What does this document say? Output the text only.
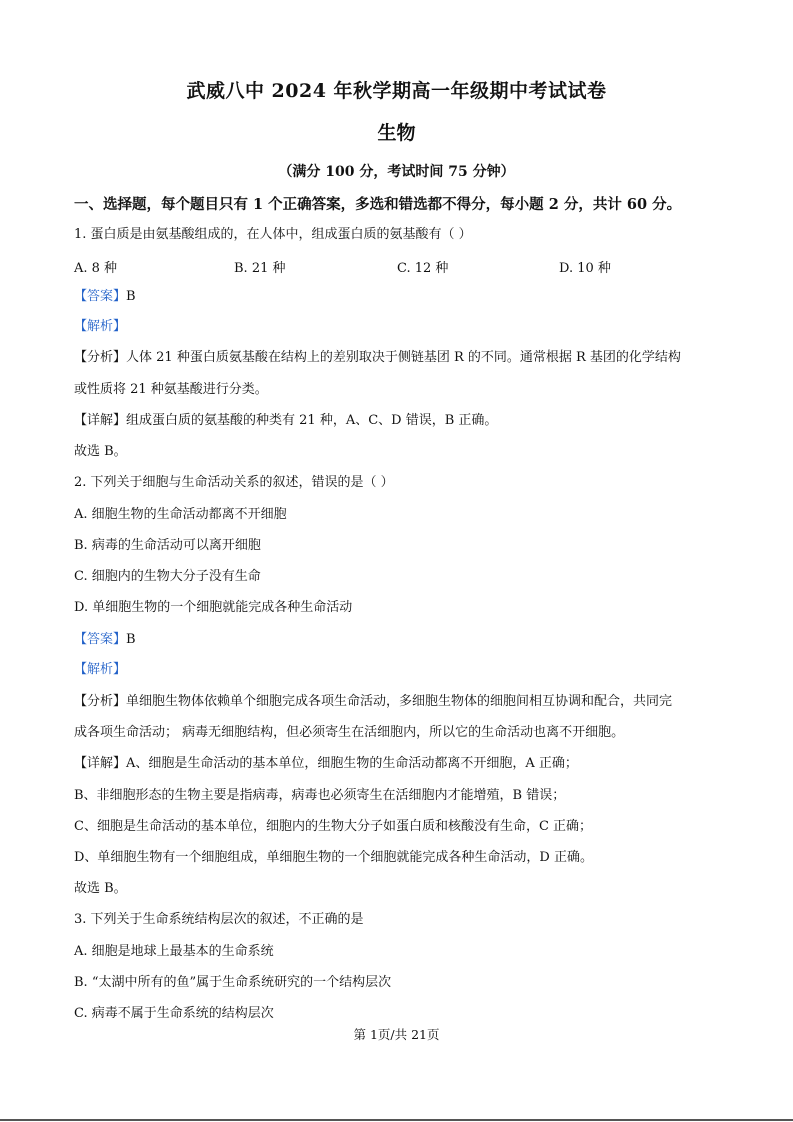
武威八中 2024 年秋学期高一年级期中考试试卷
生物
（满分 100 分，考试时间 75 分钟）
一、选择题，每个题目只有 1 个正确答案，多选和错选都不得分，每小题 2 分，共计 60 分。
1. 蛋白质是由氨基酸组成的，在人体中，组成蛋白质的氨基酸有（ ）
A. 8 种	B. 21 种	C. 12 种	D. 10 种
【答案】B
【解析】
【分析】人体 21 种蛋白质氨基酸在结构上的差别取决于侧链基团 R 的不同。通常根据 R 基团的化学结构
或性质将 21 种氨基酸进行分类。
【详解】组成蛋白质的氨基酸的种类有 21 种，A、C、D 错误，B 正确。
故选 B。
2. 下列关于细胞与生命活动关系的叙述，错误的是（ ）
A. 细胞生物的生命活动都离不开细胞
B. 病毒的生命活动可以离开细胞
C. 细胞内的生物大分子没有生命
D. 单细胞生物的一个细胞就能完成各种生命活动
【答案】B
【解析】
【分析】单细胞生物体依赖单个细胞完成各项生命活动，多细胞生物体的细胞间相互协调和配合，共同完
成各项生命活动； 病毒无细胞结构，但必须寄生在活细胞内，所以它的生命活动也离不开细胞。
【详解】A、细胞是生命活动的基本单位，细胞生物的生命活动都离不开细胞，A 正确；
B、非细胞形态的生物主要是指病毒，病毒也必须寄生在活细胞内才能增殖，B 错误；
C、细胞是生命活动的基本单位，细胞内的生物大分子如蛋白质和核酸没有生命，C 正确；
D、单细胞生物有一个细胞组成，单细胞生物的一个细胞就能完成各种生命活动，D 正确。
故选 B。
3. 下列关于生命系统结构层次的叙述，不正确的是
A. 细胞是地球上最基本的生命系统
B. “太湖中所有的鱼”属于生命系统研究的一个结构层次
C. 病毒不属于生命系统的结构层次
第 1页/共 21页
